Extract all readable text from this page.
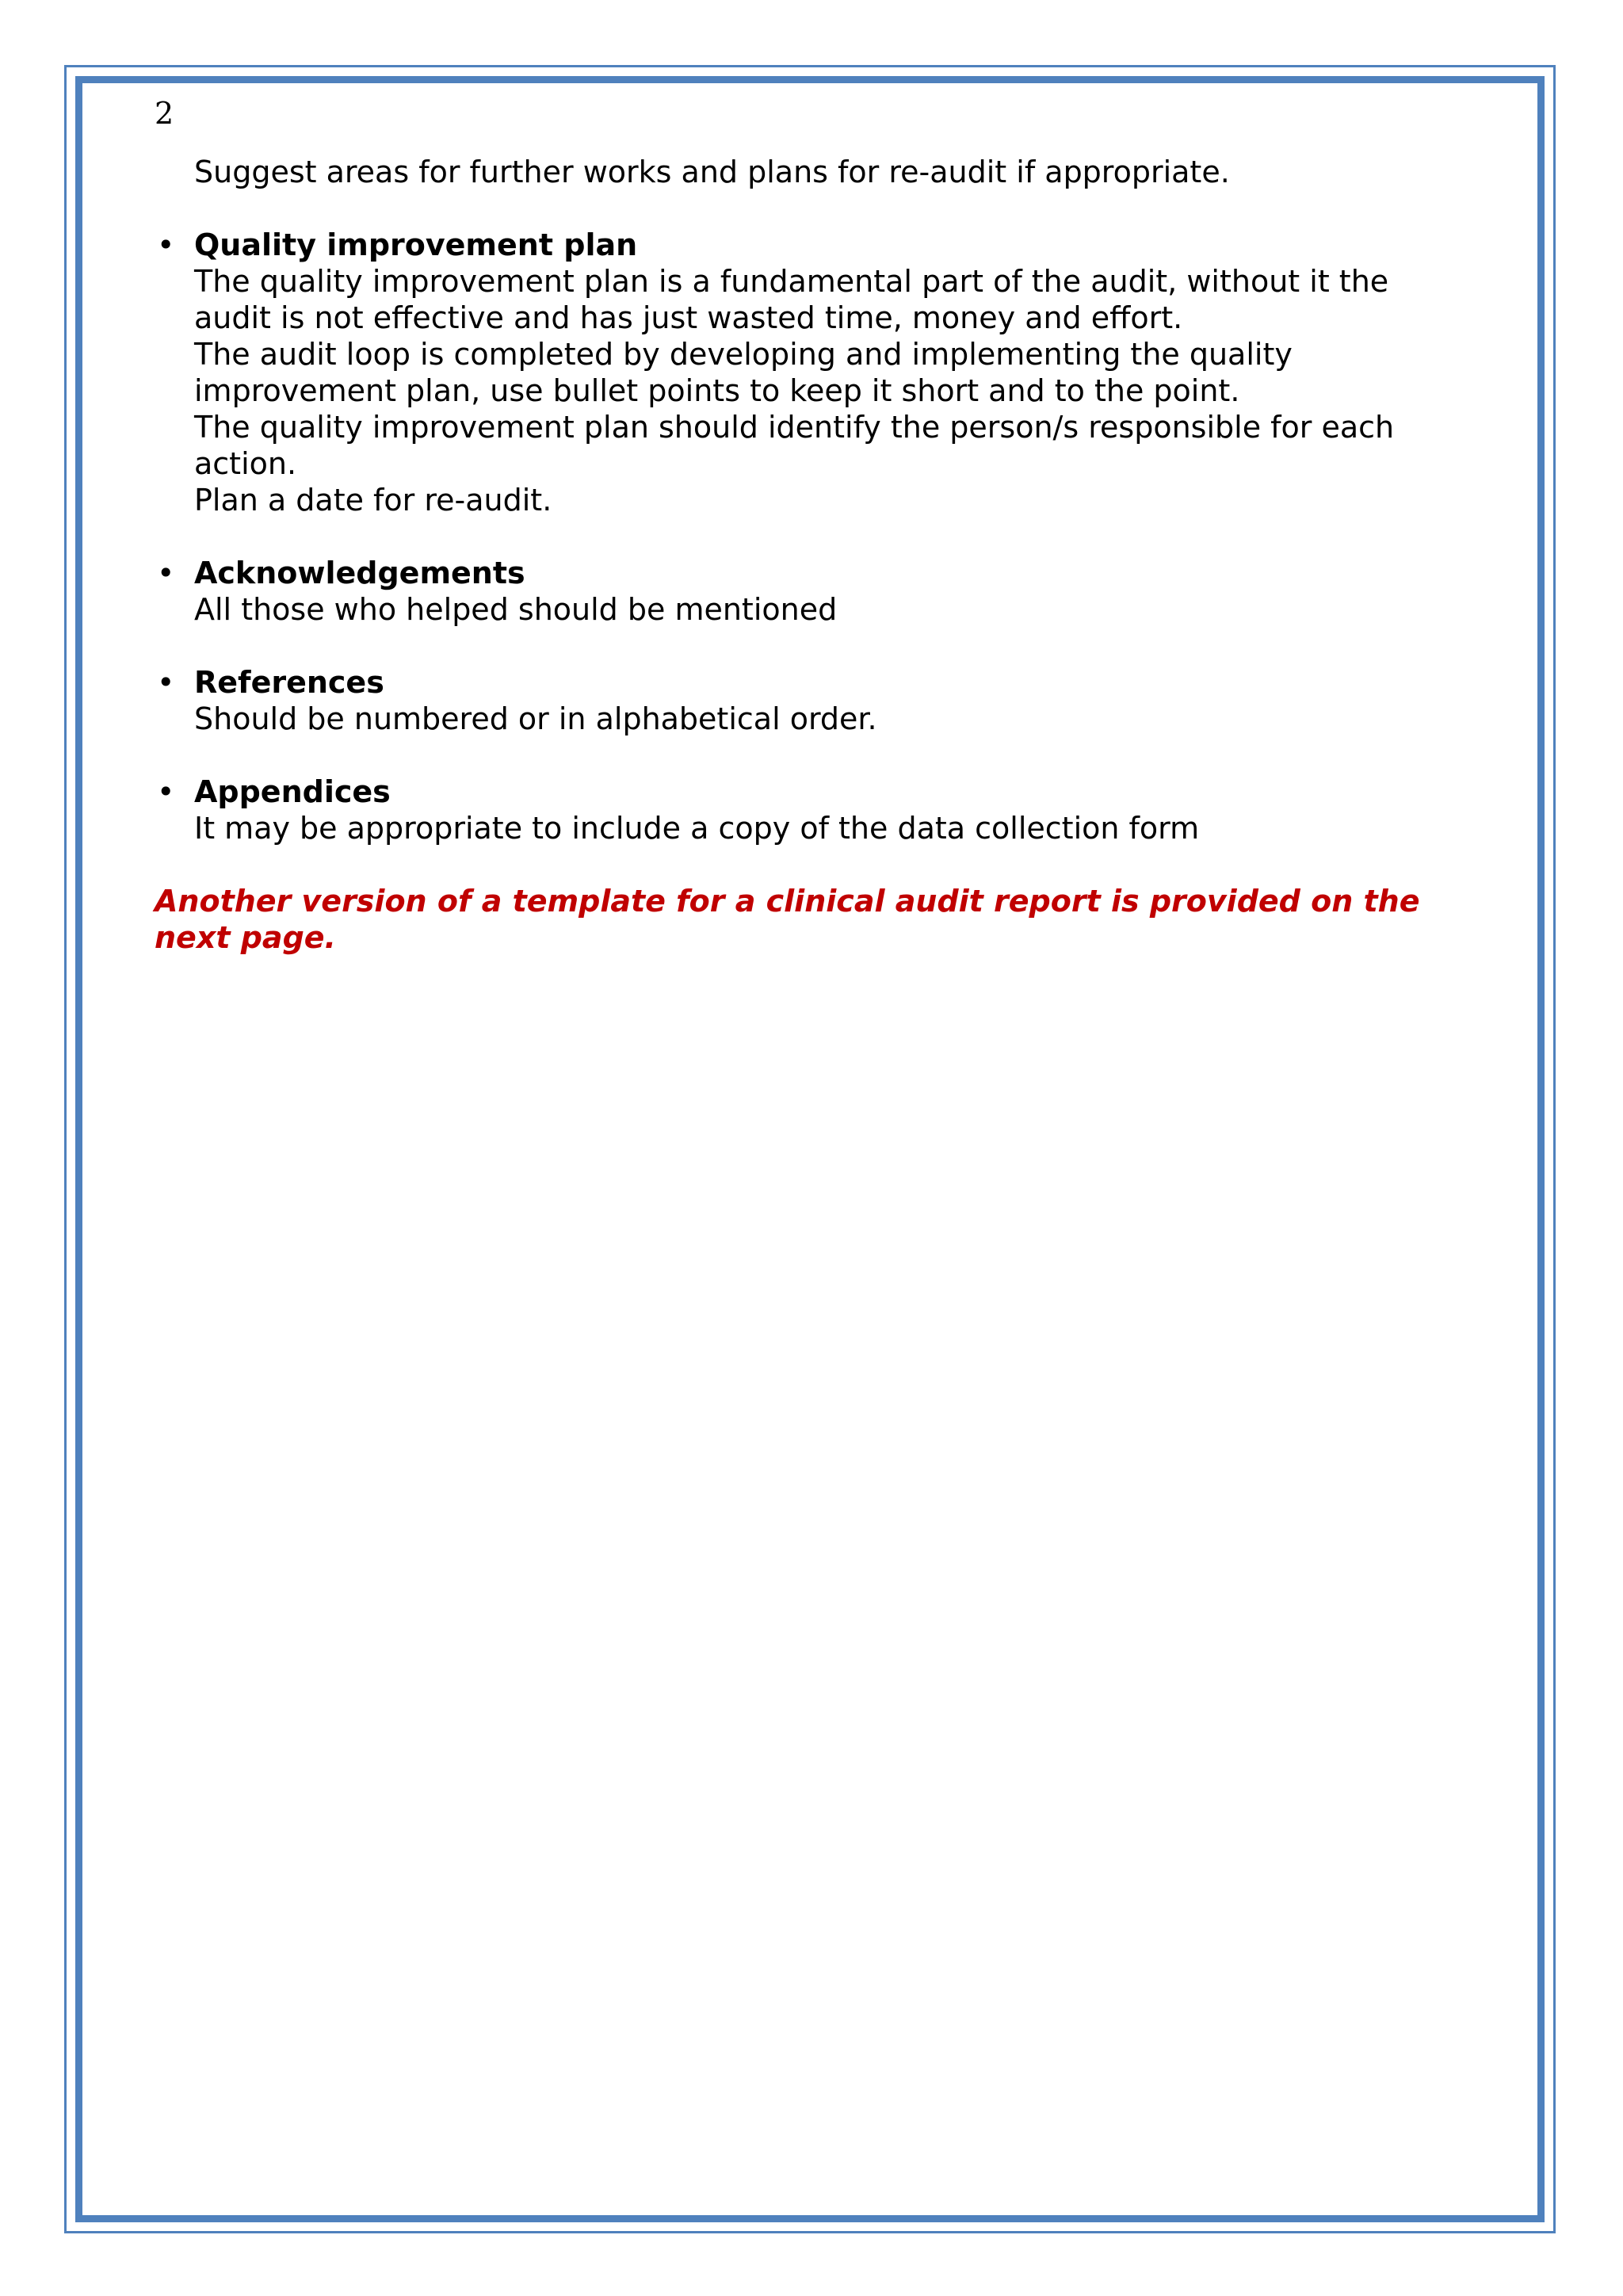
2
Suggest areas for further works and plans for re-audit if appropriate.
• Quality improvement plan
The quality improvement plan is a fundamental part of the audit, without it the
audit is not effective and has just wasted time, money and effort.
The audit loop is completed by developing and implementing the quality
improvement plan, use bullet points to keep it short and to the point.
The quality improvement plan should identify the person/s responsible for each
action.
Plan a date for re-audit.
• Acknowledgements
All those who helped should be mentioned
• References
Should be numbered or in alphabetical order.
• Appendices
It may be appropriate to include a copy of the data collection form
Another version of a template for a clinical audit report is provided on the
next page.
